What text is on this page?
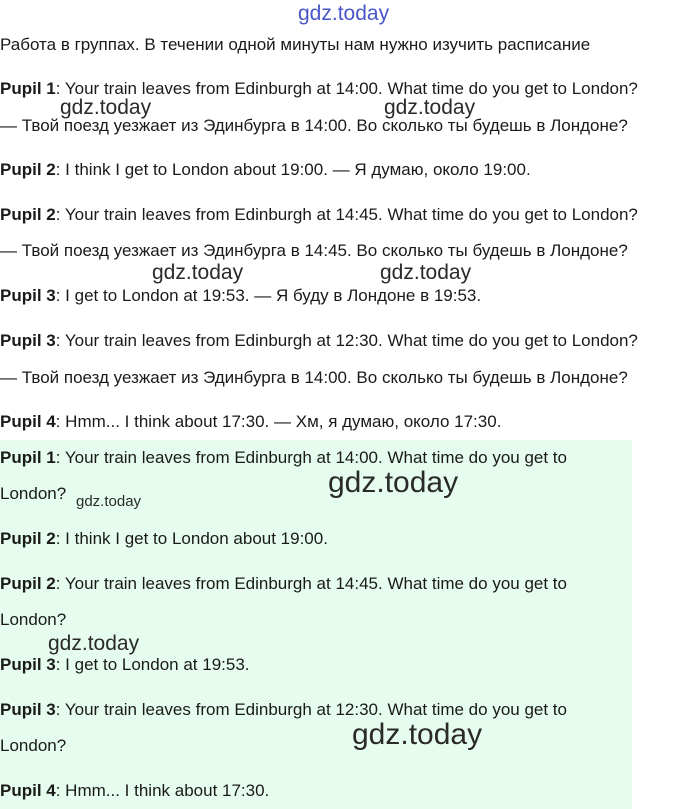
gdz.today
gdz.today	gdz.today
gdz.today	gdz.today
gdz.today
gdz.today
gdz.today
gdz.today
Работа в группах. В течении одной минуты нам нужно изучить расписание
Pupil 1: Your train leaves from Edinburgh at 14:00. What time do you get to London?
— Твой поезд уезжает из Эдинбурга в 14:00. Во сколько ты будешь в Лондоне?
Pupil 2: I think I get to London about 19:00. — Я думаю, около 19:00.
Pupil 2: Your train leaves from Edinburgh at 14:45. What time do you get to London?
— Твой поезд уезжает из Эдинбурга в 14:45. Во сколько ты будешь в Лондоне?
Pupil 3: I get to London at 19:53. — Я буду в Лондоне в 19:53.
Pupil 3: Your train leaves from Edinburgh at 12:30. What time do you get to London?
— Твой поезд уезжает из Эдинбурга в 14:00. Во сколько ты будешь в Лондоне?
Pupil 4: Hmm... I think about 17:30. — Хм, я думаю, около 17:30.
Pupil 1: Your train leaves from Edinburgh at 14:00. What time do you get to
London?
Pupil 2: I think I get to London about 19:00.
Pupil 2: Your train leaves from Edinburgh at 14:45. What time do you get to
London?
Pupil 3: I get to London at 19:53.
Pupil 3: Your train leaves from Edinburgh at 12:30. What time do you get to
London?
Pupil 4: Hmm... I think about 17:30.
